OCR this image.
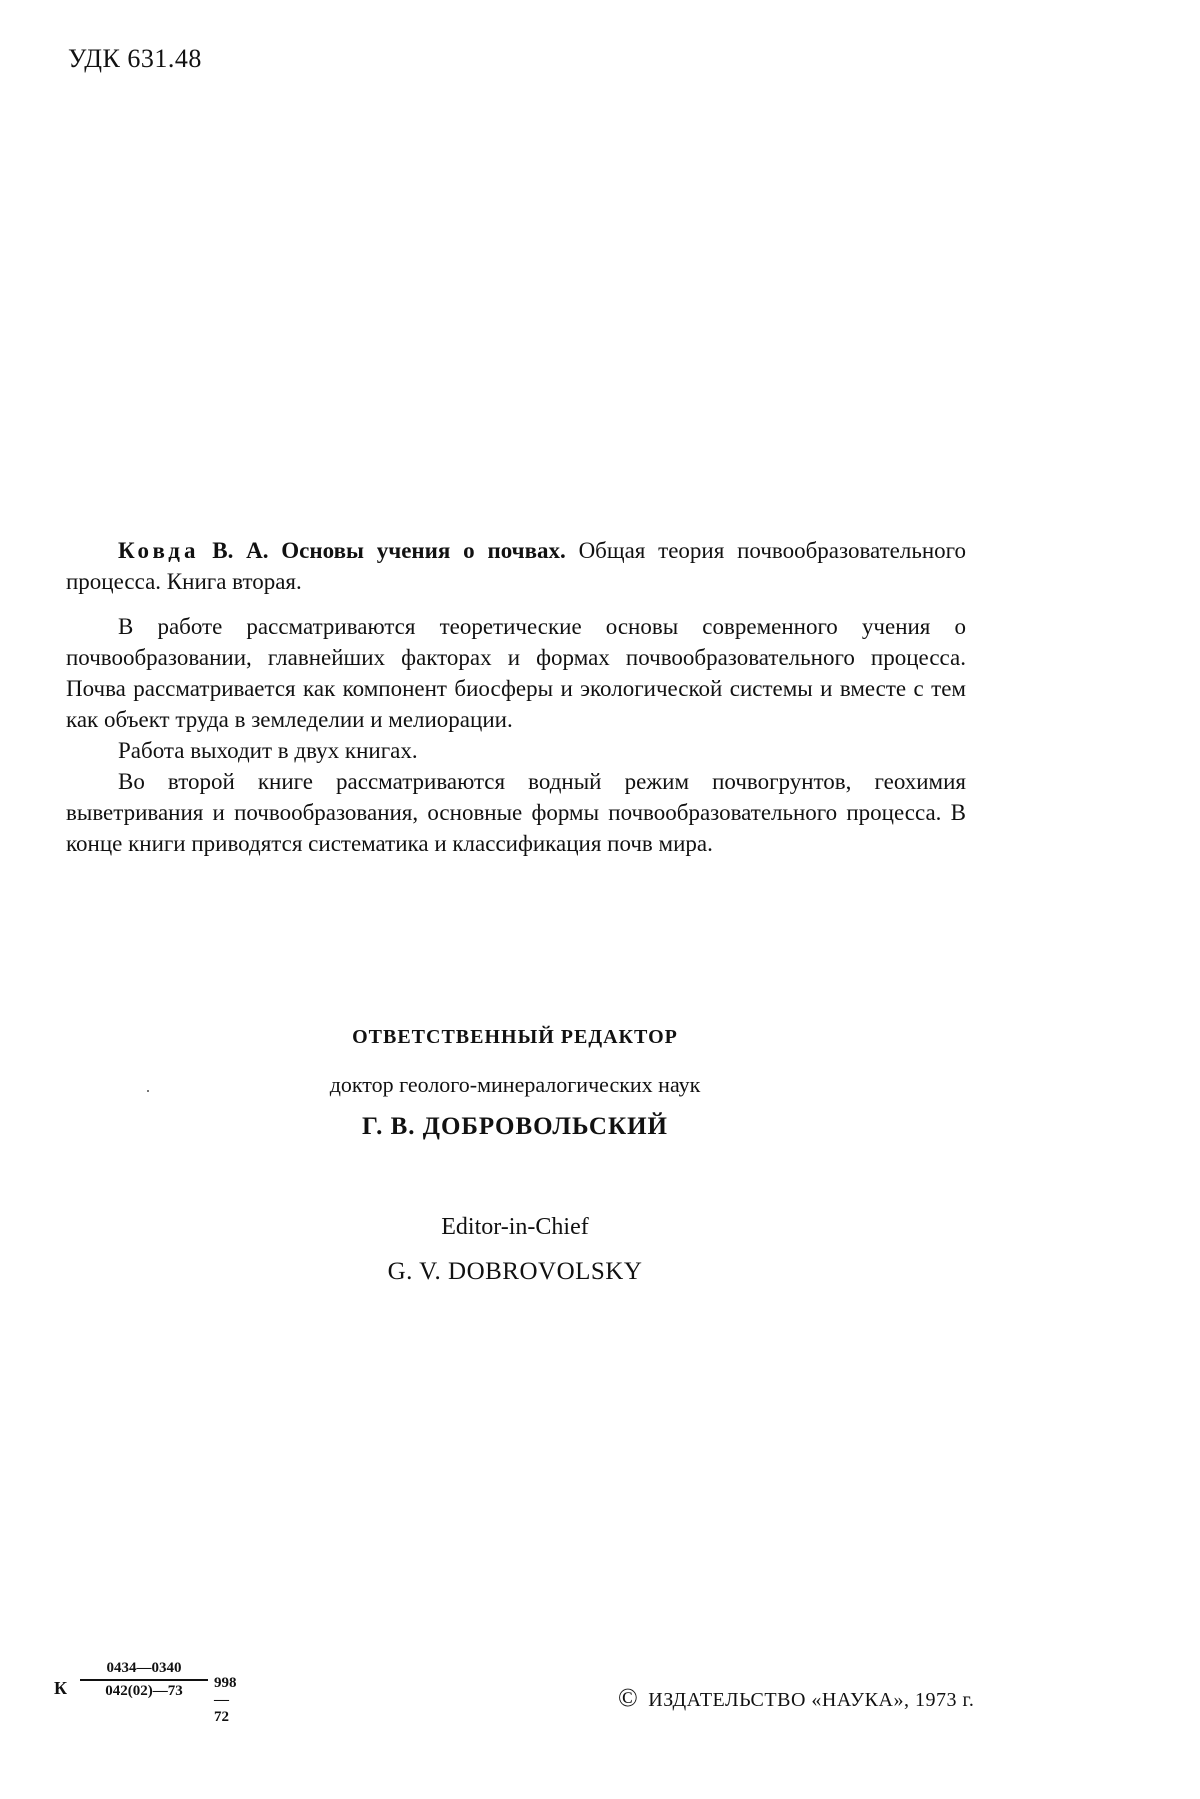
УДК 631.48

Ковда В. А. Основы учения о почвах. Общая теория почвообразовательного процесса. Книга вторая.

В работе рассматриваются теоретические основы современного учения о почвообразовании, главнейших факторах и формах почвообразовательного процесса. Почва рассматривается как компонент биосферы и экологической системы и вместе с тем как объект труда в земледелии и мелиорации.

Работа выходит в двух книгах.

Во второй книге рассматриваются водный режим почвогрунтов, геохимия выветривания и почвообразования, основные формы почвообразовательного процесса. В конце книги приводятся систематика и классификация почв мира.

ОТВЕТСТВЕННЫЙ РЕДАКТОР
доктор геолого-минералогических наук
Г. В. ДОБРОВОЛЬСКИЙ
Editor-in-Chief
G. V. DOBROVOLSKY
К $\frac{0434—0340}{042(02)—73}$ 998—72
© ИЗДАТЕЛЬСТВО «НАУКА», 1973 г.
